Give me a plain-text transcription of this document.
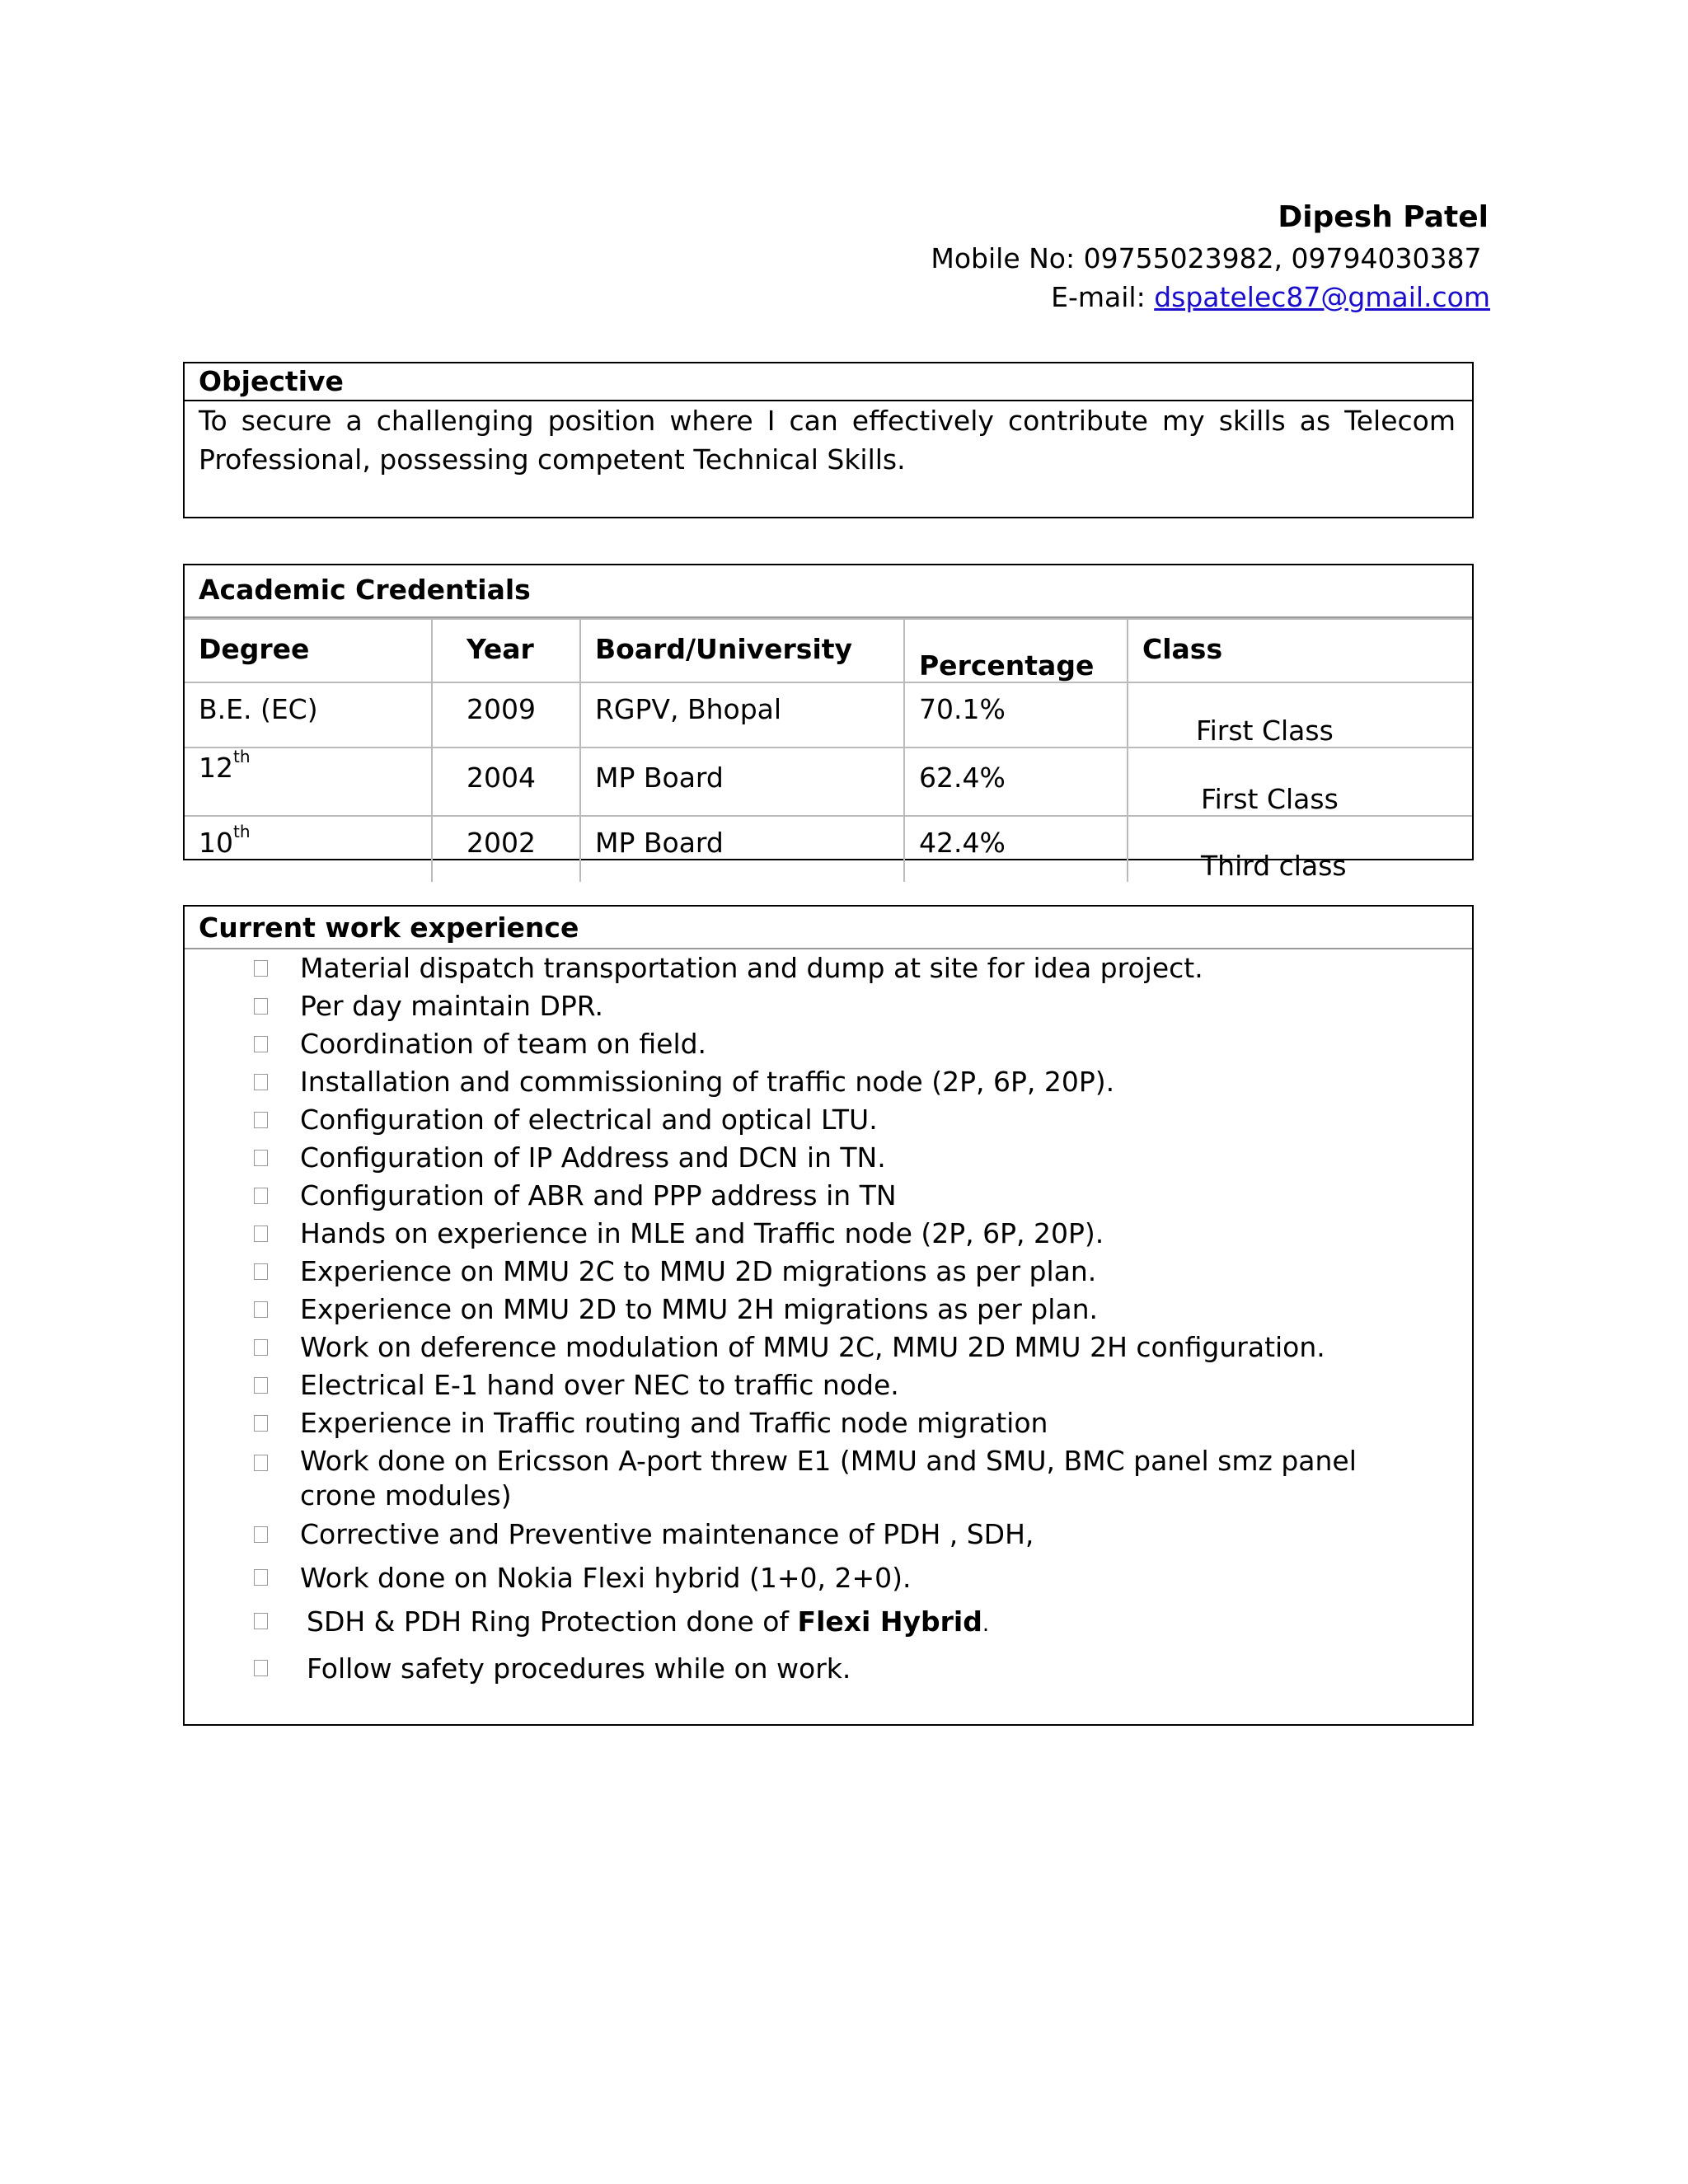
Dipesh Patel
Mobile No: 09755023982, 09794030387
E-mail: dspatelec87@gmail.com
Objective
To secure a challenging position where I can effectively contribute my skills as Telecom Professional, possessing competent Technical Skills.
Academic Credentials
Degree	Year	Board/University	Percentage	Class
B.E. (EC)	2009	RGPV, Bhopal	70.1%	First Class
12th	2004	MP Board	62.4%	First Class
10th	2002	MP Board	42.4%	Third class
Current work experience
Material dispatch transportation and dump at site for idea project.
Per day maintain DPR.
Coordination of team on field.
Installation and commissioning of traffic node (2P, 6P, 20P).
Configuration of electrical and optical LTU.
Configuration of IP Address and DCN in TN.
Configuration of ABR and PPP address in TN
Hands on experience in MLE and Traffic node (2P, 6P, 20P).
Experience on MMU 2C to MMU 2D migrations as per plan.
Experience on MMU 2D to MMU 2H migrations as per plan.
Work on deference modulation of MMU 2C, MMU 2D MMU 2H configuration.
Electrical E-1 hand over NEC to traffic node.
Experience in Traffic routing and Traffic node migration
Work done on Ericsson A-port threw E1 (MMU and SMU, BMC panel smz panel crone modules)
Corrective and Preventive maintenance of PDH , SDH,
Work done on Nokia Flexi hybrid (1+0, 2+0).
SDH & PDH Ring Protection done of Flexi Hybrid.
Follow safety procedures while on work.
